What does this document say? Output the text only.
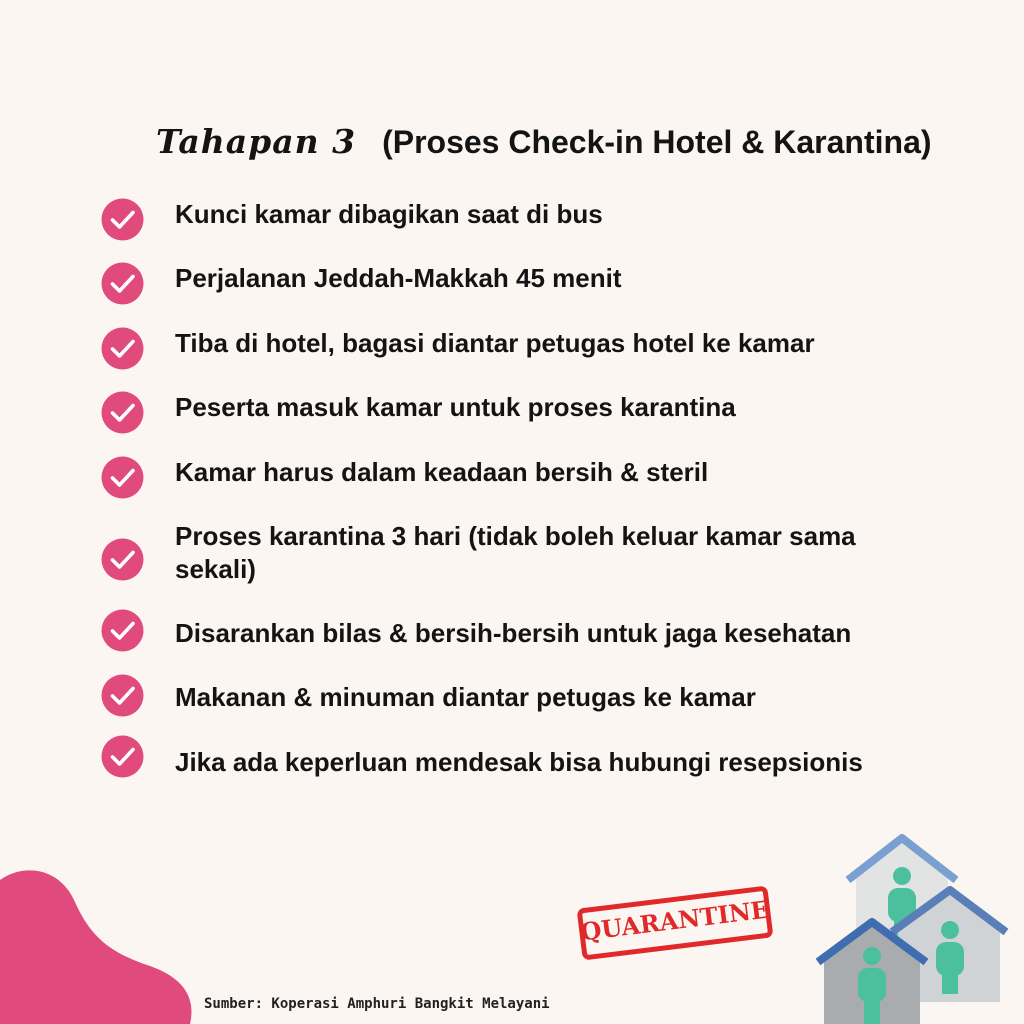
Tahapan 3 (Proses Check-in Hotel & Karantina)
Kunci kamar dibagikan saat di bus
Perjalanan Jeddah-Makkah 45 menit
Tiba di hotel, bagasi diantar petugas hotel ke kamar
Peserta masuk kamar untuk proses karantina
Kamar harus dalam keadaan bersih & steril
Proses karantina 3 hari (tidak boleh keluar kamar sama sekali)
Disarankan bilas & bersih-bersih untuk jaga kesehatan
Makanan & minuman diantar petugas ke kamar
Jika ada keperluan mendesak bisa hubungi resepsionis
Sumber: Koperasi Amphuri Bangkit Melayani
QUARANTINE
